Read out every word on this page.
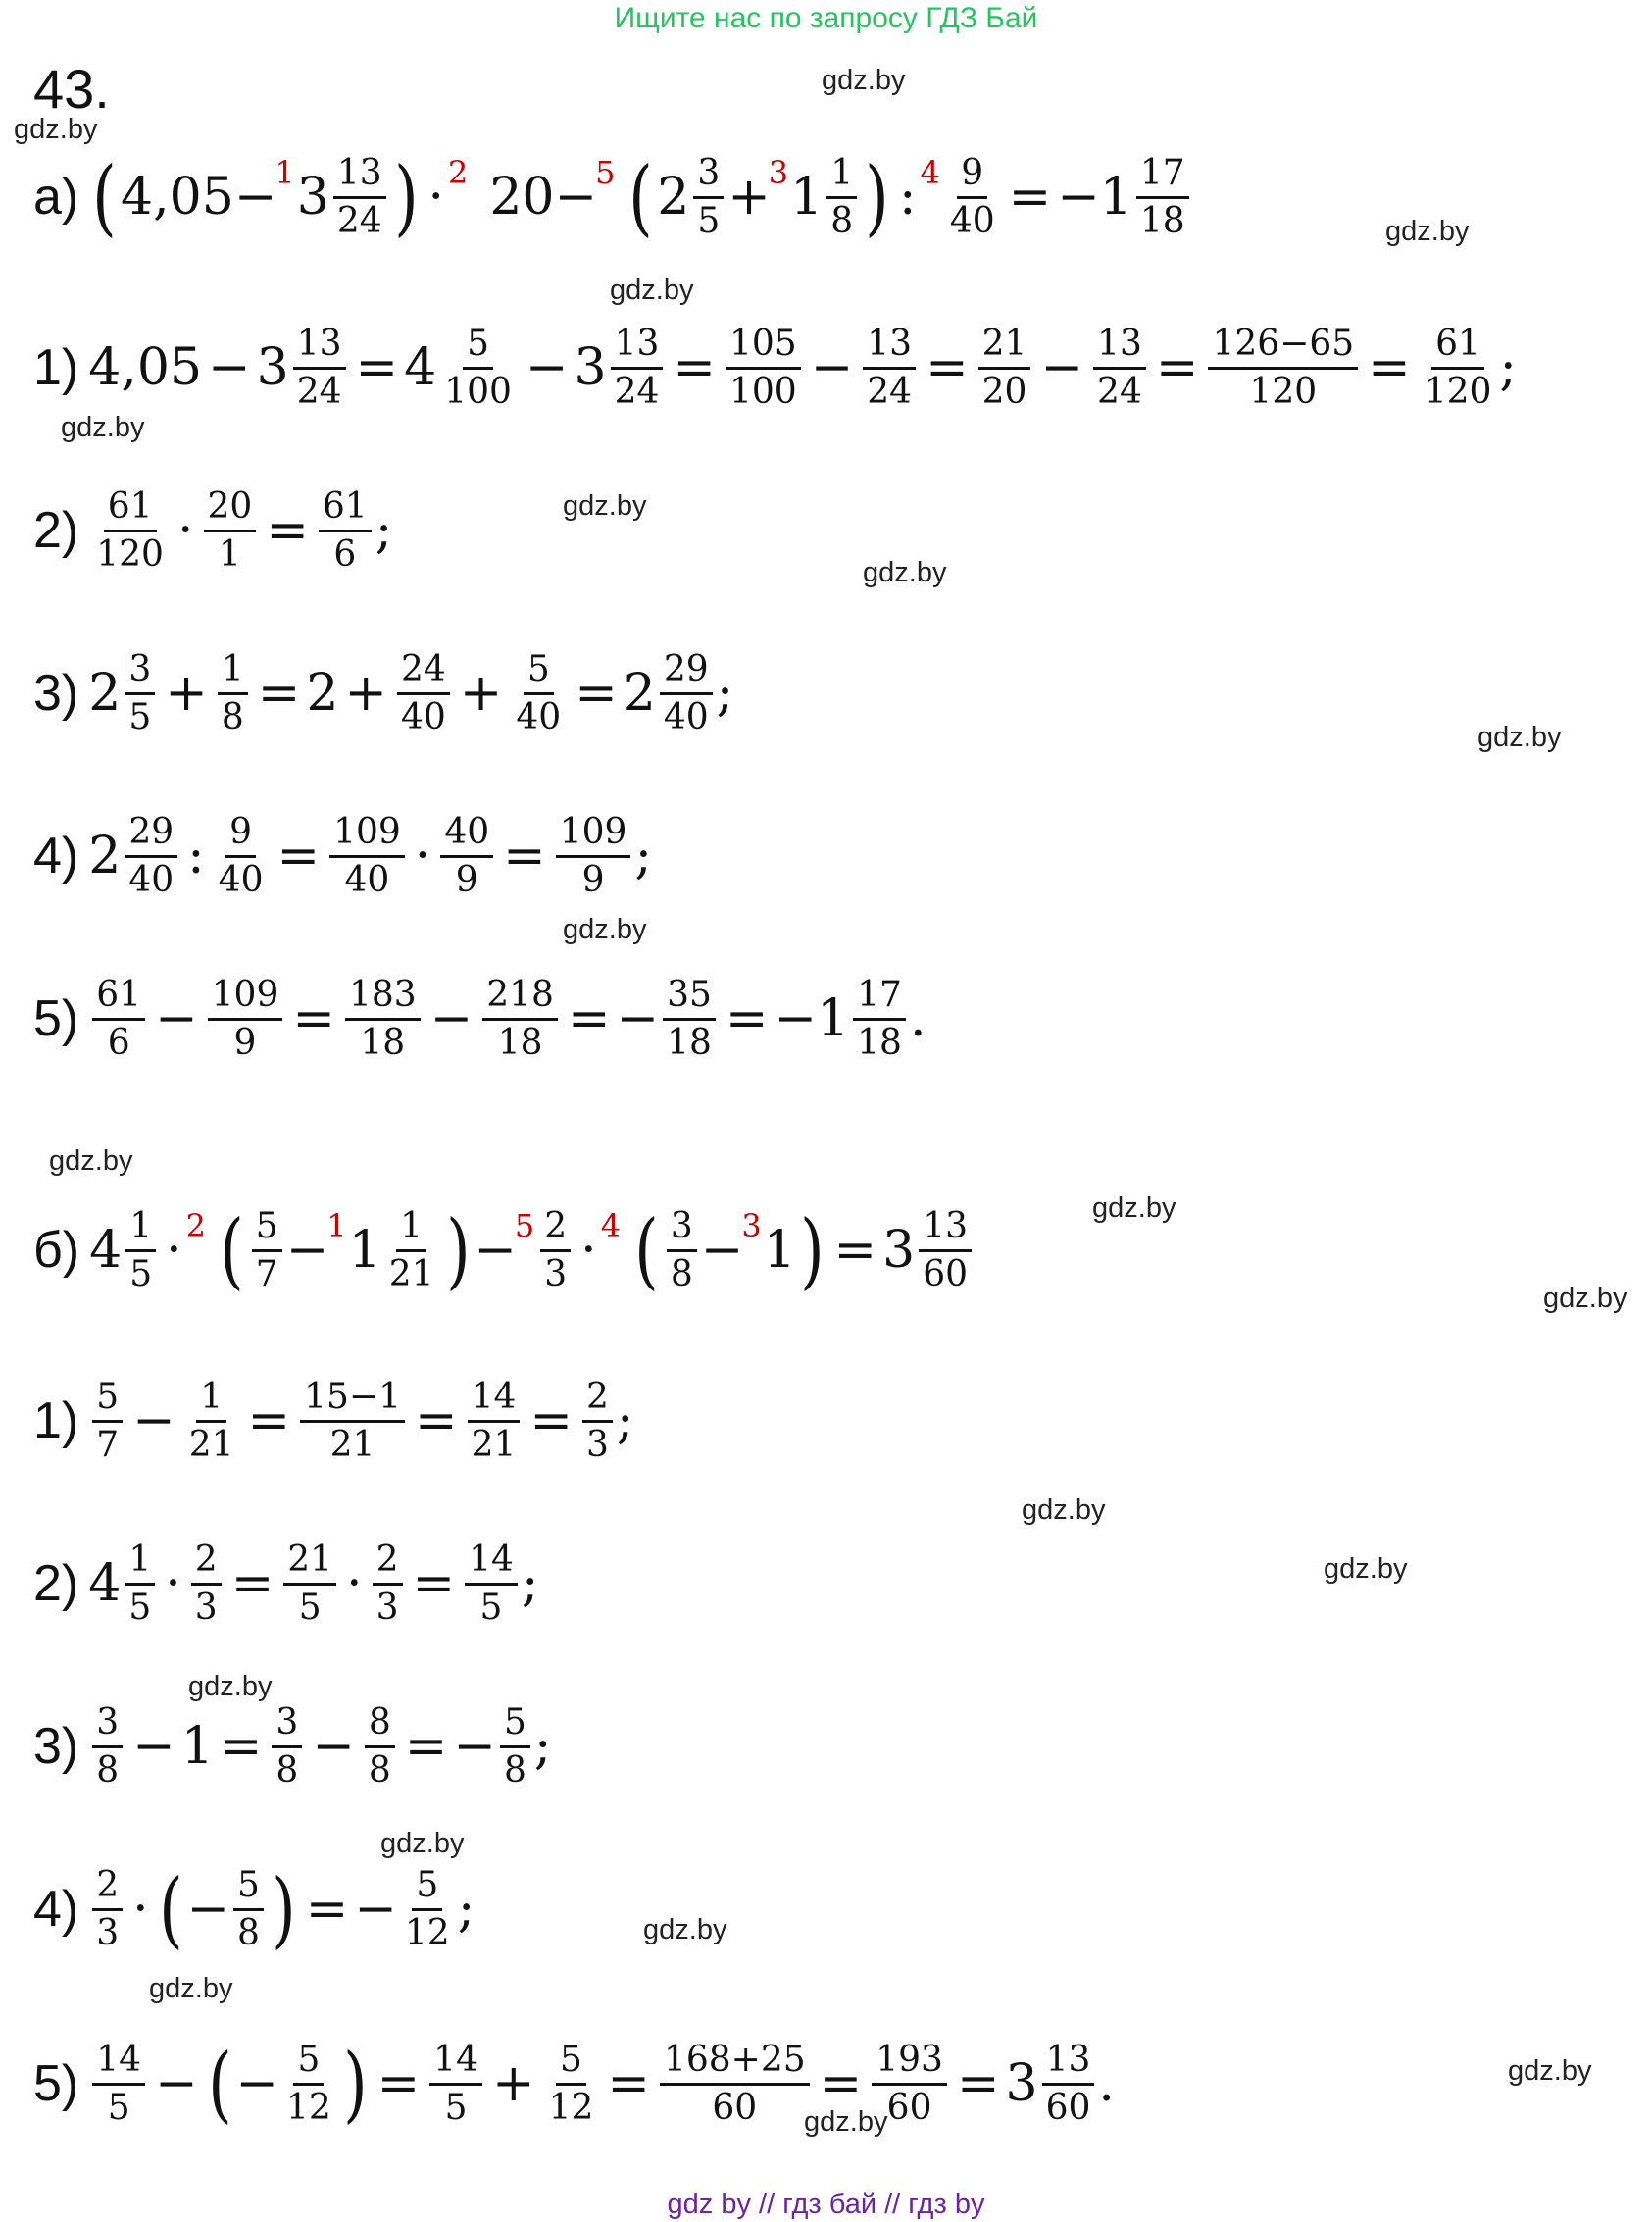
Ищите нас по запросу ГДЗ Бай
43.	gdz.by
gdz.by
gdz.by
gdz.by
gdz.by
gdz.by
gdz.by
gdz.by
gdz.by
gdz.by
gdz.by
gdz.by
gdz.by
gdz.by
gdz.by
gdz.by
gdz.by
gdz.by
gdz.by
gdz.by
а) ( 4,05 −
1 $3 \frac{13}{24}$ ) · 2 20 −
5 ( $2 \frac{3}{5}$ +
3 $1 \frac{1}{8}$ ) : $4 \frac{9}{40} = -1 \frac{17}{18}$
1) $4,05 - 3 \frac{13}{24} = 4 \frac{5}{100} - 3 \frac{13}{24} = \frac{105}{100} - \frac{13}{24} = \frac{21}{20} - \frac{13}{24} = \frac{126-65}{120} = \frac{61}{120}$ ;
$2) \frac{61}{120} \cdot \frac{20}{1} = \frac{61}{6}$ ;
3) $2 \frac{3}{5} + \frac{1}{8} = 2 + \frac{24}{40} + \frac{5}{40} = 2 \frac{29}{40}$ ;
4) $2 \frac{29}{40}$ : $\frac{9}{40} = \frac{109}{40} \cdot \frac{40}{9} = \frac{109}{9}$ ;
$5) \frac{61}{6} - \frac{109}{9} = \frac{183}{18} - \frac{218}{18}$ = − $\frac{35}{18} = -1 \frac{17}{18}$ .
б) $4 \frac{1}{5} \cdot 2$ ( $\frac{5}{7}$ −
1 $1 \frac{1}{21}$ ) −
$5 \frac{2}{3} \cdot 4$ ( $\frac{3}{8}$ −
3 1 ) = $3 \frac{13}{60}$
$1) \frac{5}{7} - \frac{1}{21} = \frac{15-1}{21} = \frac{14}{21} = \frac{2}{3}$ ;
2) $4 \frac{1}{5} \cdot \frac{2}{3} = \frac{21}{5} \cdot \frac{2}{3} = \frac{14}{5}$ ;
$3) \frac{3}{8} - 1 = \frac{3}{8} - \frac{8}{8}$ = − $\frac{5}{8}$ ;
$4) \frac{2}{3}$ · ( − $\frac{5}{8}$ ) = − $\frac{5}{12}$ ;
$5) \frac{14}{5}$ − ( − $\frac{5}{12}$ ) = $\frac{14}{5} + \frac{5}{12} = \frac{168+25}{60} = \frac{193}{60} = 3 \frac{13}{60}$ .
gdz by // гдз бай // гдз by
